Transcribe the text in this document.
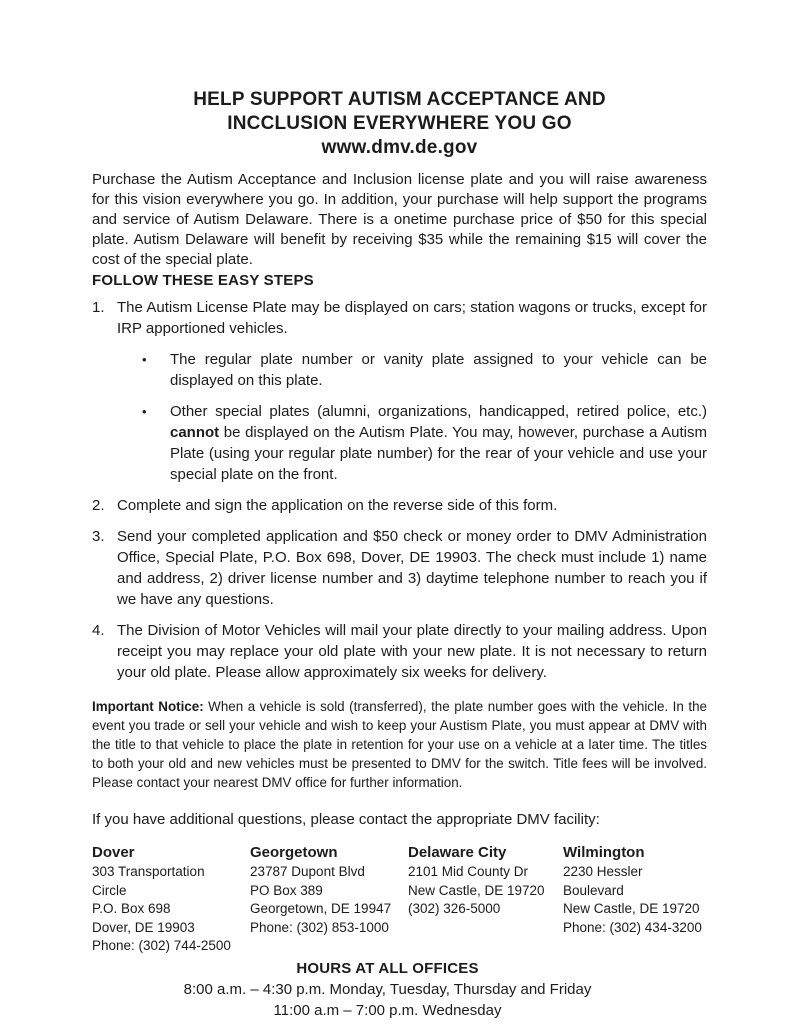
HELP SUPPORT AUTISM ACCEPTANCE AND
INCCLUSION EVERYWHERE YOU GO
www.dmv.de.gov

Purchase the Autism Acceptance and Inclusion license plate and you will raise awareness for this vision everywhere you go. In addition, your purchase will help support the programs and service of Autism Delaware. There is a onetime purchase price of $50 for this special plate. Autism Delaware will benefit by receiving $35 while the remaining $15 will cover the cost of the special plate.

FOLLOW THESE EASY STEPS
1. The Autism License Plate may be displayed on cars; station wagons or trucks, except for IRP apportioned vehicles.
•	The regular plate number or vanity plate assigned to your vehicle can be displayed on this plate.
•	Other special plates (alumni, organizations, handicapped, retired police, etc.) cannot be displayed on the Autism Plate. You may, however, purchase a Autism Plate (using your regular plate number) for the rear of your vehicle and use your special plate on the front.
2. Complete and sign the application on the reverse side of this form.
3. Send your completed application and $50 check or money order to DMV Administration Office, Special Plate, P.O. Box 698, Dover, DE 19903. The check must include 1) name and address, 2) driver license number and 3) daytime telephone number to reach you if we have any questions.
4. The Division of Motor Vehicles will mail your plate directly to your mailing address. Upon receipt you may replace your old plate with your new plate. It is not necessary to return your old plate. Please allow approximately six weeks for delivery.

Important Notice: When a vehicle is sold (transferred), the plate number goes with the vehicle. In the event you trade or sell your vehicle and wish to keep your Austism Plate, you must appear at DMV with the title to that vehicle to place the plate in retention for your use on a vehicle at a later time. The titles to both your old and new vehicles must be presented to DMV for the switch. Title fees will be involved. Please contact your nearest DMV office for further information.

If you have additional questions, please contact the appropriate DMV facility:

Dover
303 Transportation
Circle
P.O. Box 698
Dover, DE 19903
Phone: (302) 744-2500
Georgetown
23787 Dupont Blvd
PO Box 389
Georgetown, DE 19947
Phone: (302) 853-1000
Delaware City
2101 Mid County Dr
New Castle, DE 19720
(302) 326-5000
Wilmington
2230 Hessler Boulevard
New Castle, DE 19720
Phone: (302) 434-3200
HOURS AT ALL OFFICES
8:00 a.m. – 4:30 p.m. Monday, Tuesday, Thursday and Friday
11:00 a.m – 7:00 p.m. Wednesday
